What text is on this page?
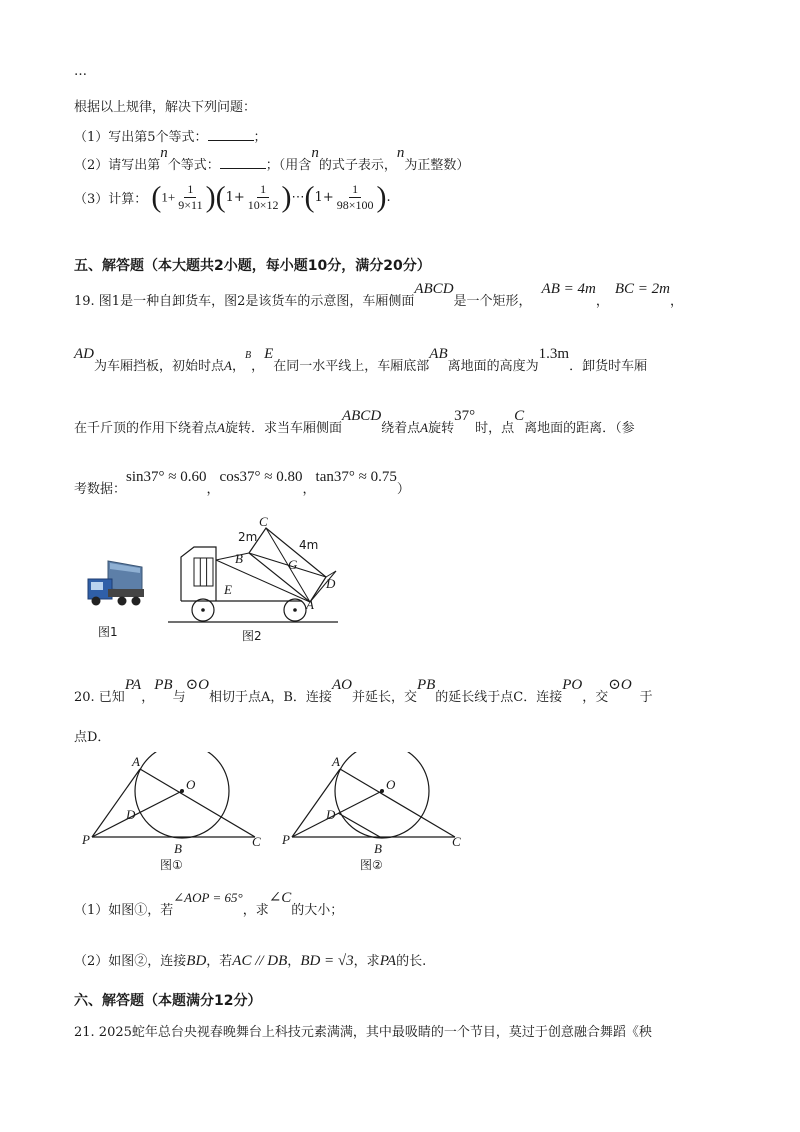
…
根据以上规律，解决下列问题：
（1）写出第5个等式：	；
（2）请写出第n个等式：	；（用含n的式子表示，n为正整数）
（3）计算： $(1+ \frac{1}{9\times 11} )(1+ \frac{1}{10\times 12}$ )⋯(1+ $\frac{1}{98\times 100}$ ).
五、解答题（本大题共2小题，每小题10分，满分20分）
19. 图1是一种自卸货车，图2是该货车的示意图，车厢侧面ABCD是一个矩形，AB = 4m，BC = 2m，
AD为车厢挡板，初始时点A，$^B$，E在同一水平线上，车厢底部AB离地面的高度为1.3m．卸货时车厢
在千斤顶的作用下绕着点A旋转．求当车厢侧面ABCD绕着点A旋转37°时，点C离地面的距离．（参
考数据：sin37° ≈ 0.60，cos37° ≈ 0.80，tan37° ≈ 0.75）
图1
C
2m
4m
B	G
D
E
A
图2
20. 已知PA，PB与⊙O相切于点A，B．连接AO并延长，交PB的延长线于点C．连接PO，交⊙O于
点D．
A
O
D
P
B	C
图①
A
O
D
P
B	C
图②
（1）如图①，若∠AOP = 65°，求∠C的大小；
（2）如图②，连接BD，若AC // DB，BD = √3，求PA的长.
六、解答题（本题满分12分）
21. 2025蛇年总台央视春晚舞台上科技元素满满，其中最吸睛的一个节目，莫过于创意融合舞蹈《秧
